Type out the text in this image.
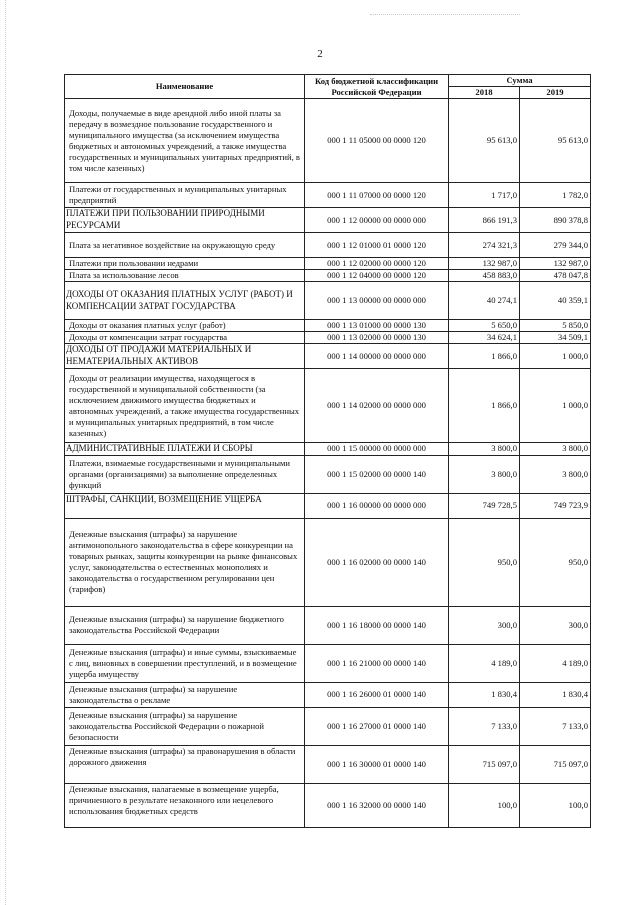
2
Наименование	Код бюджетной классификации Российской Федерации	Сумма	
		2018	2019
Доходы, получаемые в виде арендной либо иной платы за передачу в возмездное пользование государственного и муниципального имущества (за исключением имущества бюджетных и автономных учреждений, а также имущества государственных и муниципальных унитарных предприятий, в том числе казенных)	000 1 11 05000 00 0000 120	95 613,0	95 613,0
Платежи от государственных и муниципальных унитарных предприятий	000 1 11 07000 00 0000 120	1 717,0	1 782,0
ПЛАТЕЖИ ПРИ ПОЛЬЗОВАНИИ ПРИРОДНЫМИ РЕСУРСАМИ	000 1 12 00000 00 0000 000	866 191,3	890 378,8
Плата за негативное воздействие на окружающую среду	000 1 12 01000 01 0000 120	274 321,3	279 344,0
Платежи при пользовании недрами	000 1 12 02000 00 0000 120	132 987,0	132 987,0
Плата за использование лесов	000 1 12 04000 00 0000 120	458 883,0	478 047,8
ДОХОДЫ ОТ ОКАЗАНИЯ ПЛАТНЫХ УСЛУГ (РАБОТ) И КОМПЕНСАЦИИ ЗАТРАТ ГОСУДАРСТВА	000 1 13 00000 00 0000 000	40 274,1	40 359,1
Доходы от оказания платных услуг (работ)	000 1 13 01000 00 0000 130	5 650,0	5 850,0
Доходы от компенсации затрат государства	000 1 13 02000 00 0000 130	34 624,1	34 509,1
ДОХОДЫ ОТ ПРОДАЖИ МАТЕРИАЛЬНЫХ И НЕМАТЕРИАЛЬНЫХ АКТИВОВ	000 1 14 00000 00 0000 000	1 866,0	1 000,0
Доходы от реализации имущества, находящегося в государственной и муниципальной собственности (за исключением движимого имущества бюджетных и автономных учреждений, а также имущества государственных и муниципальных унитарных предприятий, в том числе казенных)	000 1 14 02000 00 0000 000	1 866,0	1 000,0
АДМИНИСТРАТИВНЫЕ ПЛАТЕЖИ И СБОРЫ	000 1 15 00000 00 0000 000	3 800,0	3 800,0
Платежи, взимаемые государственными и муниципальными органами (организациями) за выполнение определенных функций	000 1 15 02000 00 0000 140	3 800,0	3 800,0
ШТРАФЫ, САНКЦИИ, ВОЗМЕЩЕНИЕ УЩЕРБА	000 1 16 00000 00 0000 000	749 728,5	749 723,9
Денежные взыскания (штрафы) за нарушение антимонопольного законодательства в сфере конкуренции на товарных рынках, защиты конкуренции на рынке финансовых услуг, законодательства о естественных монополиях и законодательства о государственном регулировании цен (тарифов)	000 1 16 02000 00 0000 140	950,0	950,0
Денежные взыскания (штрафы) за нарушение бюджетного законодательства Российской Федерации	000 1 16 18000 00 0000 140	300,0	300,0
Денежные взыскания (штрафы) и иные суммы, взыскиваемые с лиц, виновных в совершении преступлений, и в возмещение ущерба имуществу	000 1 16 21000 00 0000 140	4 189,0	4 189,0
Денежные взыскания (штрафы) за нарушение законодательства о рекламе	000 1 16 26000 01 0000 140	1 830,4	1 830,4
Денежные взыскания (штрафы) за нарушение законодательства Российской Федерации о пожарной безопасности	000 1 16 27000 01 0000 140	7 133,0	7 133,0
Денежные взыскания (штрафы) за правонарушения в области дорожного движения	000 1 16 30000 01 0000 140	715 097,0	715 097,0
Денежные взыскания, налагаемые в возмещение ущерба, причиненного в результате незаконного или нецелевого использования бюджетных средств	000 1 16 32000 00 0000 140	100,0	100,0
